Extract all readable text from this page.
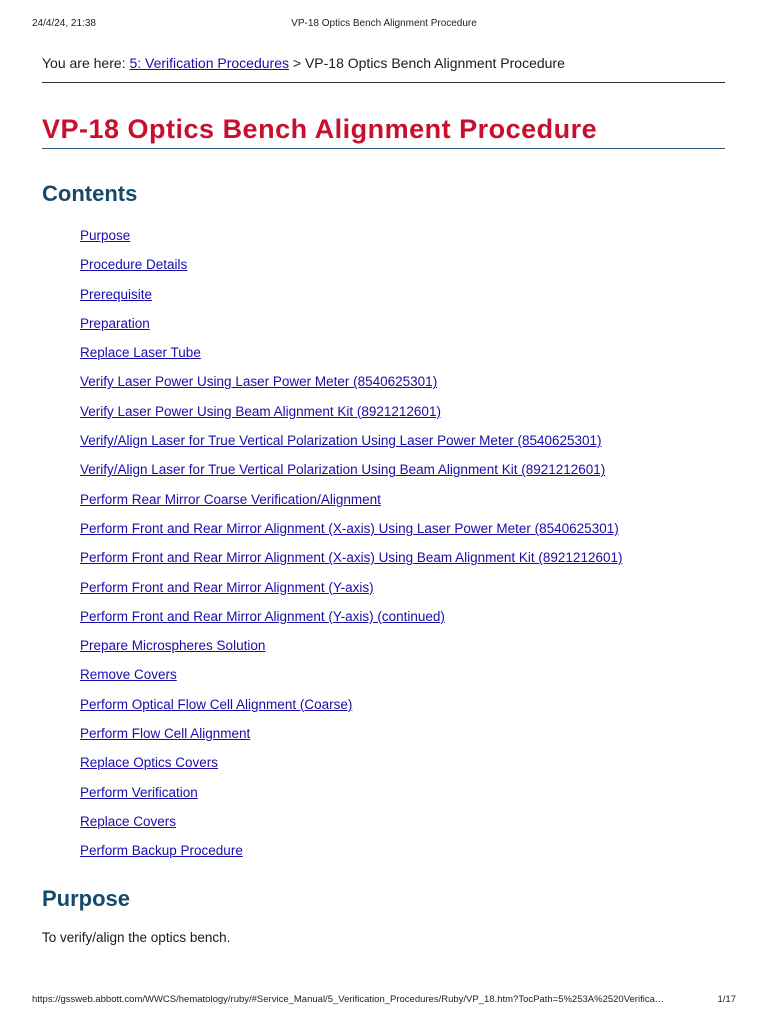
24/4/24, 21:38	VP-18 Optics Bench Alignment Procedure
You are here: 5: Verification Procedures > VP-18 Optics Bench Alignment Procedure
VP-18 Optics Bench Alignment Procedure
Contents
Purpose
Procedure Details
Prerequisite
Preparation
Replace Laser Tube
Verify Laser Power Using Laser Power Meter (8540625301)
Verify Laser Power Using Beam Alignment Kit (8921212601)
Verify/Align Laser for True Vertical Polarization Using Laser Power Meter (8540625301)
Verify/Align Laser for True Vertical Polarization Using Beam Alignment Kit (8921212601)
Perform Rear Mirror Coarse Verification/Alignment
Perform Front and Rear Mirror Alignment (X-axis) Using Laser Power Meter (8540625301)
Perform Front and Rear Mirror Alignment (X-axis) Using Beam Alignment Kit (8921212601)
Perform Front and Rear Mirror Alignment (Y-axis)
Perform Front and Rear Mirror Alignment (Y-axis) (continued)
Prepare Microspheres Solution
Remove Covers
Perform Optical Flow Cell Alignment (Coarse)
Perform Flow Cell Alignment
Replace Optics Covers
Perform Verification
Replace Covers
Perform Backup Procedure
Purpose

To verify/align the optics bench.

https://gssweb.abbott.com/WWCS/hematology/ruby/#Service_Manual/5_Verification_Procedures/Ruby/VP_18.htm?TocPath=5%253A%2520Verifica…	1/17
